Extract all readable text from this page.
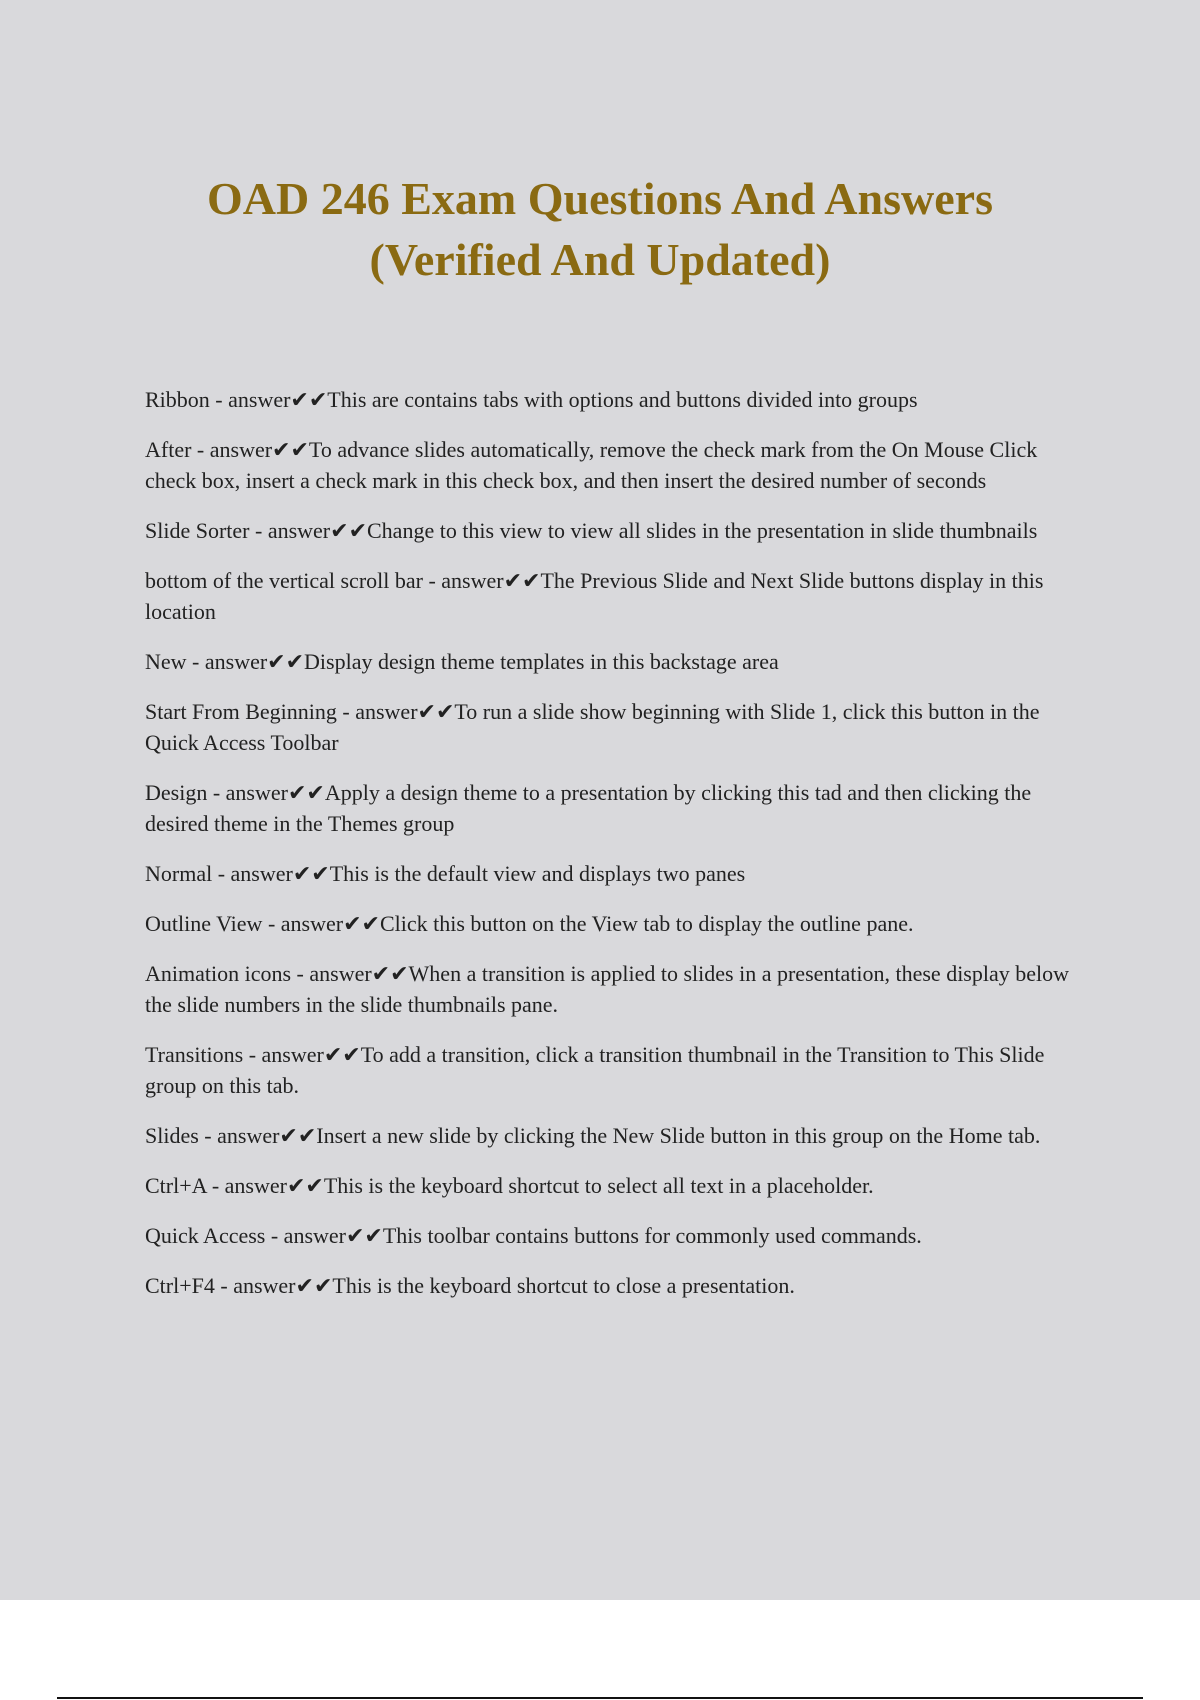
OAD 246 Exam Questions And Answers
(Verified And Updated)
Ribbon - answer✔✔This are contains tabs with options and buttons divided into groups
After - answer✔✔To advance slides automatically, remove the check mark from the On Mouse Click check box, insert a check mark in this check box, and then insert the desired number of seconds
Slide Sorter - answer✔✔Change to this view to view all slides in the presentation in slide thumbnails
bottom of the vertical scroll bar - answer✔✔The Previous Slide and Next Slide buttons display in this location
New - answer✔✔Display design theme templates in this backstage area
Start From Beginning - answer✔✔To run a slide show beginning with Slide 1, click this button in the Quick Access Toolbar
Design - answer✔✔Apply a design theme to a presentation by clicking this tad and then clicking the desired theme in the Themes group
Normal - answer✔✔This is the default view and displays two panes
Outline View - answer✔✔Click this button on the View tab to display the outline pane.
Animation icons - answer✔✔When a transition is applied to slides in a presentation, these display below the slide numbers in the slide thumbnails pane.
Transitions - answer✔✔To add a transition, click a transition thumbnail in the Transition to This Slide group on this tab.
Slides - answer✔✔Insert a new slide by clicking the New Slide button in this group on the Home tab.
Ctrl+A - answer✔✔This is the keyboard shortcut to select all text in a placeholder.
Quick Access - answer✔✔This toolbar contains buttons for commonly used commands.
Ctrl+F4 - answer✔✔This is the keyboard shortcut to close a presentation.
